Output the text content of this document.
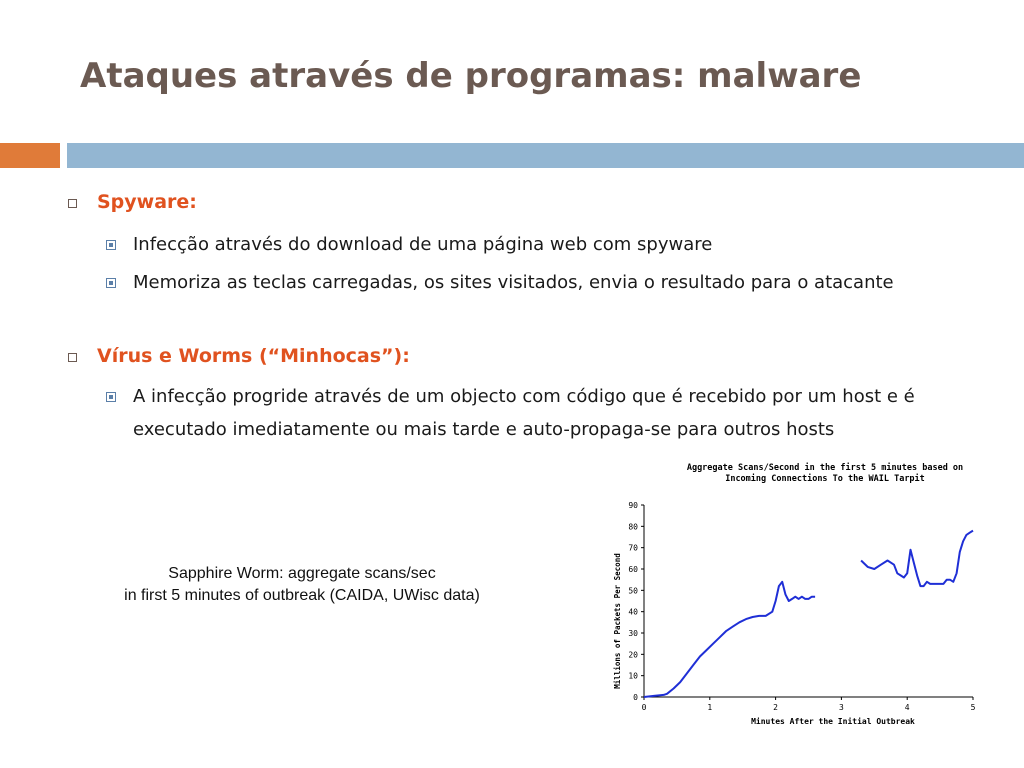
Ataques através de programas: malware
Spyware:
Infecção através do download de uma página web com spyware
Memoriza as teclas carregadas, os sites visitados, envia o resultado para o atacante
Vírus e Worms (“Minhocas”):
A infecção progride através de um objecto com código que é recebido por um host e é executado imediatamente ou mais tarde e auto-propaga-se para outros hosts
Sapphire Worm: aggregate scans/sec
in first 5 minutes of outbreak (CAIDA, UWisc data)
Aggregate Scans/Second in the first 5 minutes based on
Incoming Connections To the WAIL Tarpit
0
10
20
30
40
50
60
70
80
90
0	1	2	3	4	5
Minutes After the Initial Outbreak
Millions of Packets Per Second
